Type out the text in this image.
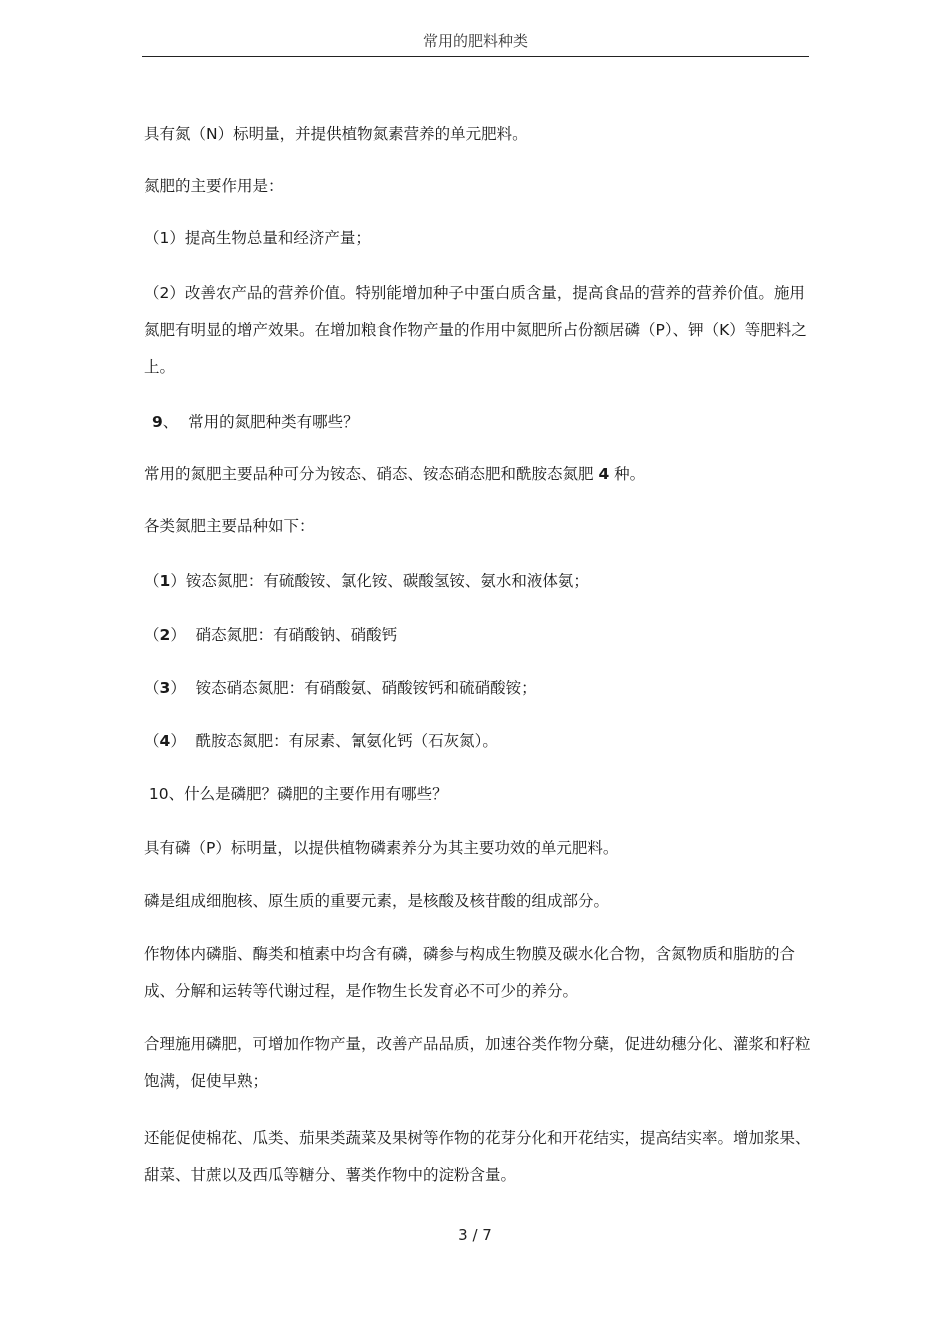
常用的肥料种类

具有氮（N）标明量，并提供植物氮素营养的单元肥料。

氮肥的主要作用是：

（1）提高生物总量和经济产量；

（2）改善农产品的营养价值。特别能增加种子中蛋白质含量，提高食品的营养的营养价值。施用氮肥有明显的增产效果。在增加粮食作物产量的作用中氮肥所占份额居磷（P）、钾（K）等肥料之上。

9、  常用的氮肥种类有哪些？

常用的氮肥主要品种可分为铵态、硝态、铵态硝态肥和酰胺态氮肥 4 种。

各类氮肥主要品种如下：

（1）铵态氮肥：有硫酸铵、氯化铵、碳酸氢铵、氨水和液体氨；

（2）  硝态氮肥：有硝酸钠、硝酸钙

（3）  铵态硝态氮肥：有硝酸氨、硝酸铵钙和硫硝酸铵；

（4）  酰胺态氮肥：有尿素、氰氨化钙（石灰氮）。

10、什么是磷肥？磷肥的主要作用有哪些？

具有磷（P）标明量，以提供植物磷素养分为其主要功效的单元肥料。

磷是组成细胞核、原生质的重要元素，是核酸及核苷酸的组成部分。

作物体内磷脂、酶类和植素中均含有磷，磷参与构成生物膜及碳水化合物，含氮物质和脂肪的合成、分解和运转等代谢过程，是作物生长发育必不可少的养分。

合理施用磷肥，可增加作物产量，改善产品品质，加速谷类作物分蘖，促进幼穗分化、灌浆和籽粒饱满，促使早熟；

还能促使棉花、瓜类、茄果类蔬菜及果树等作物的花芽分化和开花结实，提高结实率。增加浆果、甜菜、甘蔗以及西瓜等糖分、薯类作物中的淀粉含量。

3 / 7
